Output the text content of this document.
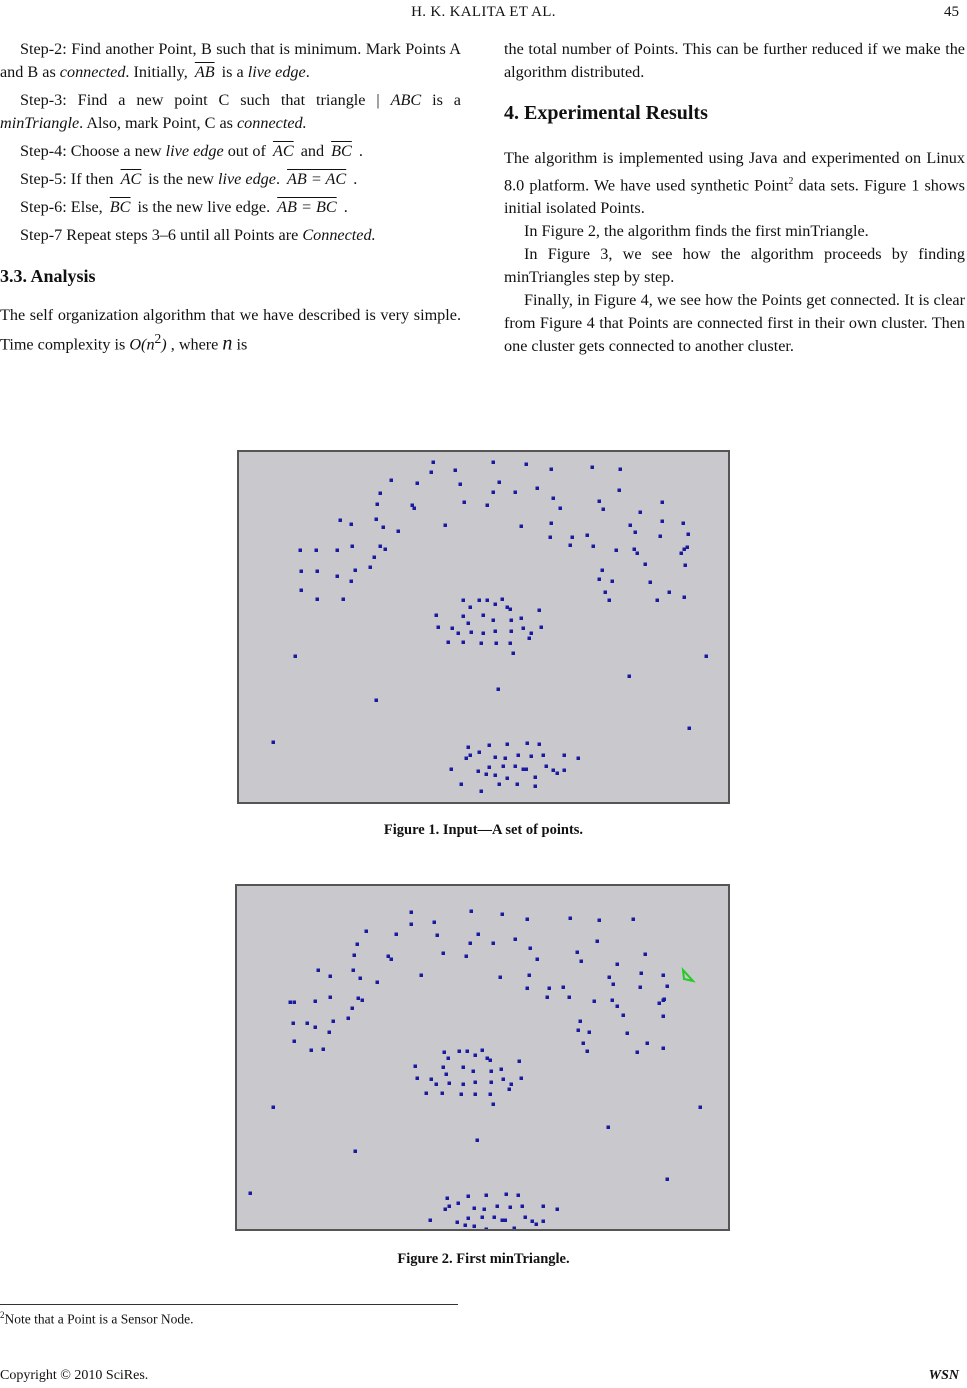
H. K. KALITA ET AL.	45

Step-2: Find another Point, B such that is minimum. Mark Points A and B as connected. Initially, $\overline{AB}$ is a live edge.

Step-3: Find a new point C such that triangle | ABC is a minTriangle. Also, mark Point, C as connected.

Step-4: Choose a new live edge out of $\overline{AC}$ and $\overline{BC}$ .

Step-5: If then $\overline{AC}$ is the new live edge. AB = AC .

Step-6: Else, $\overline{BC}$ is the new live edge. AB = BC .

Step-7 Repeat steps 3–6 until all Points are Connected.

3.3. Analysis

The self organization algorithm that we have described is very simple. Time complexity is $O(n^2)$ , where n is

the total number of Points. This can be further reduced if we make the algorithm distributed.

4. Experimental Results

The algorithm is implemented using Java and experimented on Linux 8.0 platform. We have used synthetic Point$^2$ data sets. Figure 1 shows initial isolated Points.

In Figure 2, the algorithm finds the first minTriangle.

In Figure 3, we see how the algorithm proceeds by finding minTriangles step by step.

Finally, in Figure 4, we see how the Points get connected. It is clear from Figure 4 that Points are connected first in their own cluster. Then one cluster gets connected to another cluster.

Figure 1. Input—A set of points.
Figure 2. First minTriangle.
$^2$Note that a Point is a Sensor Node.
Copyright © 2010 SciRes.	WSN
